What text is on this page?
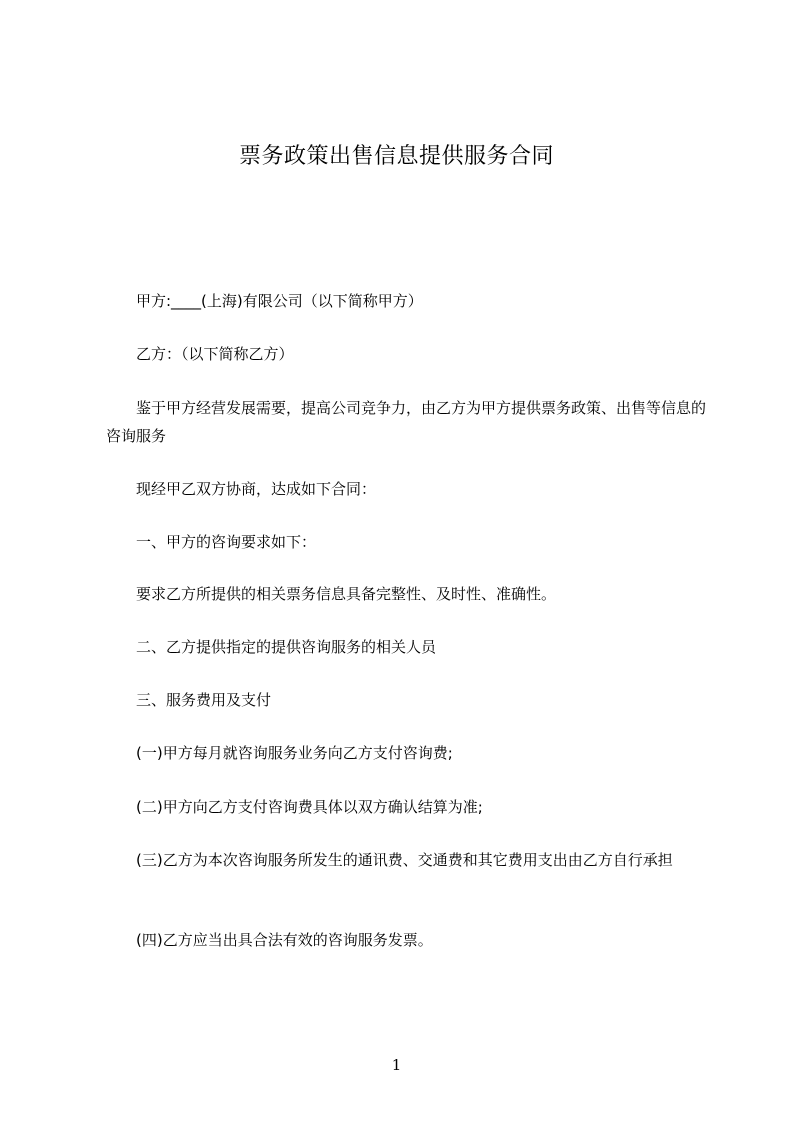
票务政策出售信息提供服务合同
甲方:____(上海)有限公司（以下简称甲方）
乙方：（以下简称乙方）
鉴于甲方经营发展需要，提高公司竞争力，由乙方为甲方提供票务政策、出售等信息的咨询服务
现经甲乙双方协商，达成如下合同：
一、甲方的咨询要求如下：
要求乙方所提供的相关票务信息具备完整性、及时性、准确性。
二、乙方提供指定的提供咨询服务的相关人员
三、服务费用及支付
(一)甲方每月就咨询服务业务向乙方支付咨询费;
(二)甲方向乙方支付咨询费具体以双方确认结算为准;
(三)乙方为本次咨询服务所发生的通讯费、交通费和其它费用支出由乙方自行承担
(四)乙方应当出具合法有效的咨询服务发票。
1
